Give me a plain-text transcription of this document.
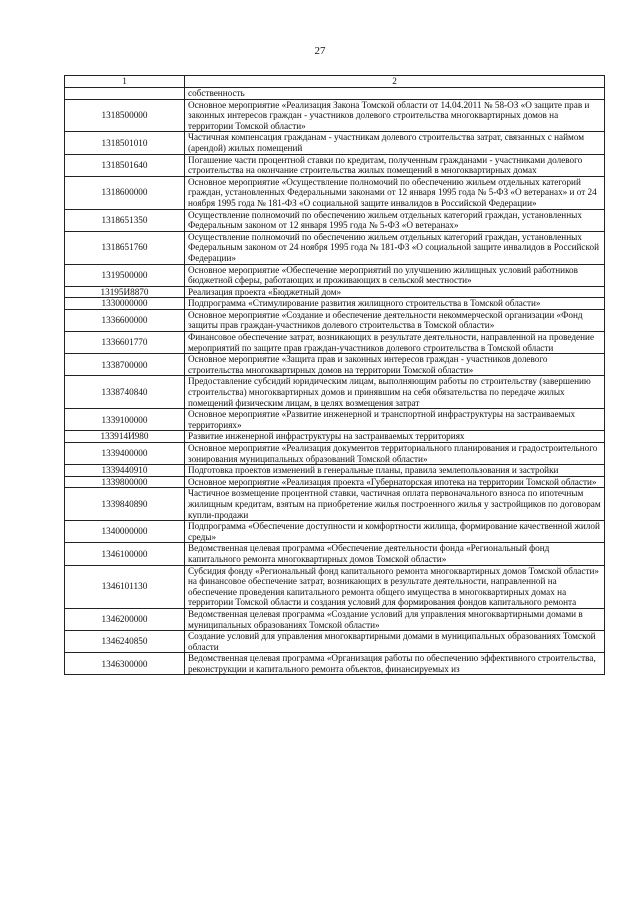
27
1	2
	собственность
1318500000	Основное мероприятие «Реализация Закона Томской области от 14.04.2011 № 58-ОЗ «О защите прав и законных интересов граждан - участников долевого строительства многоквартирных домов на территории Томской области»
1318501010	Частичная компенсация гражданам - участникам долевого строительства затрат, связанных с наймом (арендой) жилых помещений
1318501640	Погашение части процентной ставки по кредитам, полученным гражданами - участниками долевого строительства на окончание строительства жилых помещений в многоквартирных домах
1318600000	Основное мероприятие «Осуществление полномочий по обеспечению жильем отдельных категорий граждан, установленных Федеральными законами от 12 января 1995 года № 5-ФЗ «О ветеранах» и от 24 ноября 1995 года № 181-ФЗ «О социальной защите инвалидов в Российской Федерации»
1318651350	Осуществление полномочий по обеспечению жильем отдельных категорий граждан, установленных Федеральным законом от 12 января 1995 года № 5-ФЗ «О ветеранах»
1318651760	Осуществление полномочий по обеспечению жильем отдельных категорий граждан, установленных Федеральным законом от 24 ноября 1995 года № 181-ФЗ «О социальной защите инвалидов в Российской Федерации»
1319500000	Основное мероприятие «Обеспечение мероприятий по улучшению жилищных условий работников бюджетной сферы, работающих и проживающих в сельской местности»
13195И8870	Реализация проекта «Бюджетный дом»
1330000000	Подпрограмма «Стимулирование развития жилищного строительства в Томской области»
1336600000	Основное мероприятие «Создание и обеспечение деятельности некоммерческой организации «Фонд защиты прав граждан-участников долевого строительства в Томской области»
1336601770	Финансовое обеспечение затрат, возникающих в результате деятельности, направленной на проведение мероприятий по защите прав граждан-участников долевого строительства в Томской области
1338700000	Основное мероприятие «Защита прав и законных интересов граждан - участников долевого строительства многоквартирных домов на территории Томской области»
1338740840	Предоставление субсидий юридическим лицам, выполняющим работы по строительству (завершению строительства) многоквартирных домов и принявшим на себя обязательства по передаче жилых помещений физическим лицам, в целях возмещения затрат
1339100000	Основное мероприятие «Развитие инженерной и транспортной инфраструктуры на застраиваемых территориях»
133914И980	Развитие инженерной инфраструктуры на застраиваемых территориях
1339400000	Основное мероприятие «Реализация документов территориального планирования и градостроительного зонирования муниципальных образований Томской области»
1339440910	Подготовка проектов изменений в генеральные планы, правила землепользования и застройки
1339800000	Основное мероприятие «Реализация проекта «Губернаторская ипотека на территории Томской области»
1339840890	Частичное возмещение процентной ставки, частичная оплата первоначального взноса по ипотечным жилищным кредитам, взятым на приобретение жилья построенного жилья у застройщиков по договорам купли-продажи
1340000000	Подпрограмма «Обеспечение доступности и комфортности жилища, формирование качественной жилой среды»
1346100000	Ведомственная целевая программа «Обеспечение деятельности фонда «Региональный фонд капитального ремонта многоквартирных домов Томской области»
1346101130	Субсидия фонду «Региональный фонд капитального ремонта многоквартирных домов Томской области» на финансовое обеспечение затрат, возникающих в результате деятельности, направленной на обеспечение проведения капитального ремонта общего имущества в многоквартирных домах на территории Томской области и создания условий для формирования фондов капитального ремонта
1346200000	Ведомственная целевая программа «Создание условий для управления многоквартирными домами в муниципальных образованиях Томской области»
1346240850	Создание условий для управления многоквартирными домами в муниципальных образованиях Томской области
1346300000	Ведомственная целевая программа «Организация работы по обеспечению эффективного строительства, реконструкции и капитального ремонта объектов, финансируемых из
